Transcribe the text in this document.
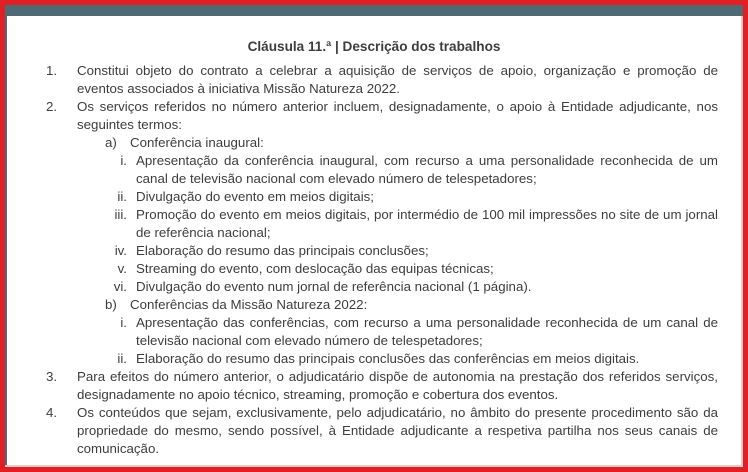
Cláusula 11.ª | Descrição dos trabalhos
1.	Constitui objeto do contrato a celebrar a aquisição de serviços de apoio, organização e promoção de eventos associados à iniciativa Missão Natureza 2022.
2.	Os serviços referidos no número anterior incluem, designadamente, o apoio à Entidade adjudicante, nos seguintes termos:
a) Conferência inaugural:
i. Apresentação da conferência inaugural, com recurso a uma personalidade reconhecida de um canal de televisão nacional com elevado número de telespetadores;
ii. Divulgação do evento em meios digitais;
iii. Promoção do evento em meios digitais, por intermédio de 100 mil impressões no site de um jornal de referência nacional;
iv. Elaboração do resumo das principais conclusões;
v. Streaming do evento, com deslocação das equipas técnicas;
vi. Divulgação do evento num jornal de referência nacional (1 página).
b) Conferências da Missão Natureza 2022:
i. Apresentação das conferências, com recurso a uma personalidade reconhecida de um canal de televisão nacional com elevado número de telespetadores;
ii. Elaboração do resumo das principais conclusões das conferências em meios digitais.
3.	Para efeitos do número anterior, o adjudicatário dispõe de autonomia na prestação dos referidos serviços, designadamente no apoio técnico, streaming, promoção e cobertura dos eventos.
4.	Os conteúdos que sejam, exclusivamente, pelo adjudicatário, no âmbito do presente procedimento são da propriedade do mesmo, sendo possível, à Entidade adjudicante a respetiva partilha nos seus canais de comunicação.
